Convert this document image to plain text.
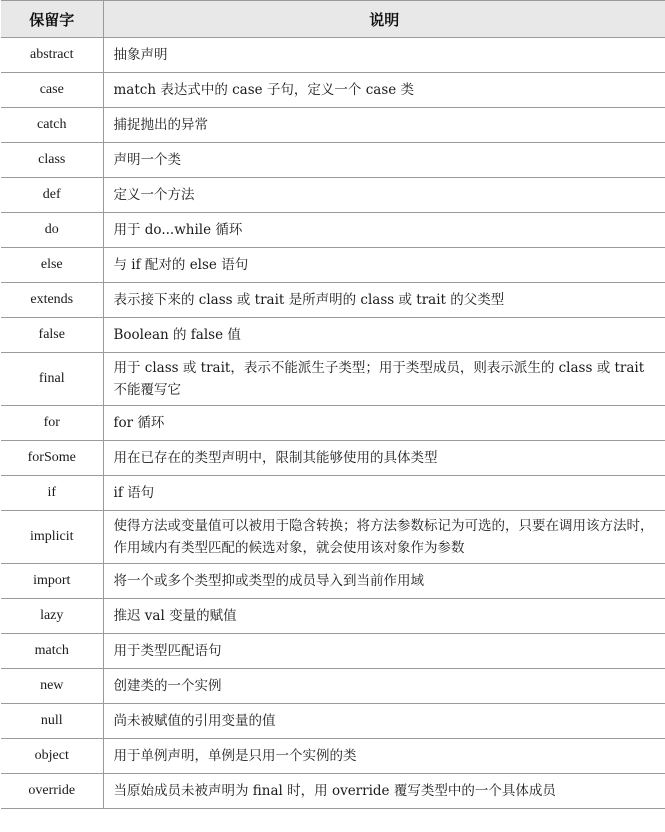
保留字	说明
abstract	抽象声明
case	match 表达式中的 case 子句，定义一个 case 类
catch	捕捉抛出的异常
class	声明一个类
def	定义一个方法
do	用于 do...while 循环
else	与 if 配对的 else 语句
extends	表示接下来的 class 或 trait 是所声明的 class 或 trait 的父类型
false	Boolean 的 false 值
final	用于 class 或 trait，表示不能派生子类型；用于类型成员，则表示派生的 class 或 trait 不能覆写它
for	for 循环
forSome	用在已存在的类型声明中，限制其能够使用的具体类型
if	if 语句
implicit	使得方法或变量值可以被用于隐含转换；将方法参数标记为可选的，只要在调用该方法时，作用域内有类型匹配的候选对象，就会使用该对象作为参数
import	将一个或多个类型抑或类型的成员导入到当前作用域
lazy	推迟 val 变量的赋值
match	用于类型匹配语句
new	创建类的一个实例
null	尚未被赋值的引用变量的值
object	用于单例声明，单例是只用一个实例的类
override	当原始成员未被声明为 final 时，用 override 覆写类型中的一个具体成员
